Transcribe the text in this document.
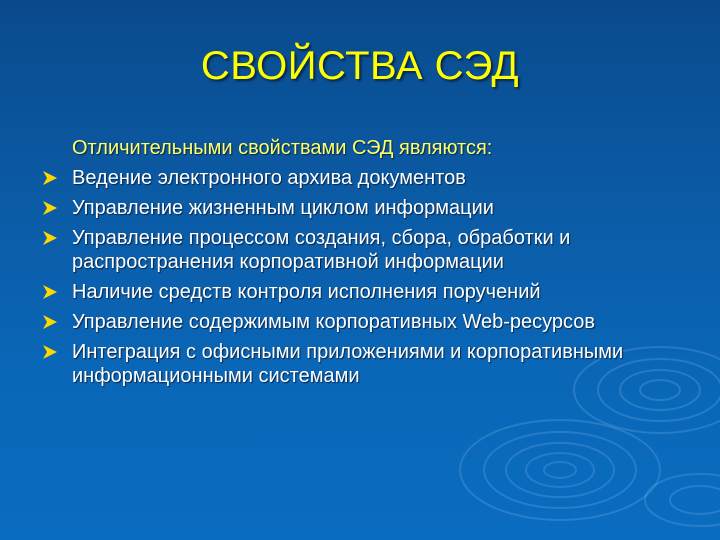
СВОЙСТВА СЭД
Отличительными свойствами СЭД являются:
Ведение электронного архива документов
Управление жизненным циклом информации
Управление процессом создания, сбора, обработки и распространения корпоративной информации
Наличие средств контроля исполнения поручений
Управление содержимым корпоративных Web-ресурсов
Интеграция с офисными приложениями и корпоративными информационными системами
